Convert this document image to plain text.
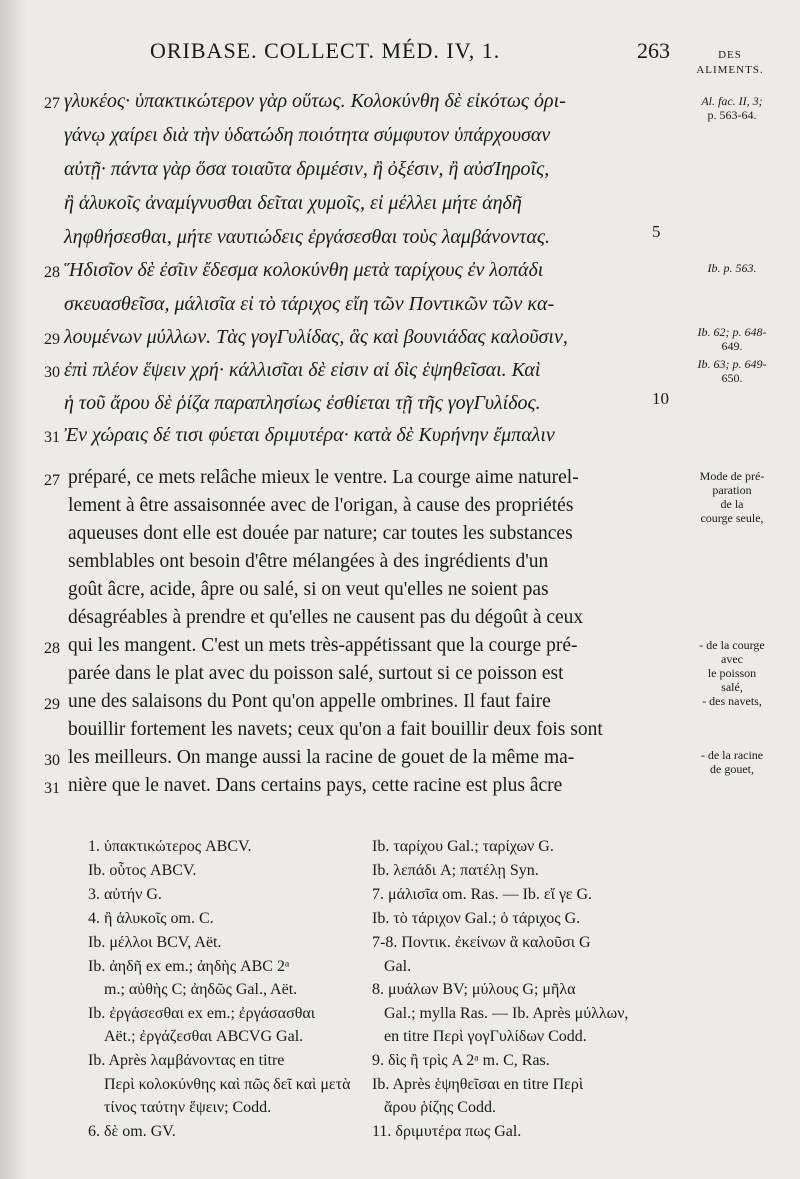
ORIBASE. COLLECT. MÉD. IV, 1.	263	DES
ALIMENTS.
27 γλυκέος· ὑπακτικώτερον γὰρ οὕτως. Κολοκύνθη δὲ εἰκότως ὀρι-
γάνῳ χαίρει διὰ τὴν ὑδατώδη ποιότητα σύμφυτον ὑπάρχουσαν
αὐτῇ· πάντα γὰρ ὅσα τοιαῦτα δριμέσιν, ἢ ὀξέσιν, ἢ αὐσΊηροῖς,
ἢ ἁλυκοῖς ἀναμίγνυσθαι δεῖται χυμοῖς, εἰ μέλλει μήτε ἀηδῆ
ληφθήσεσθαι, μήτε ναυτιώδεις ἐργάσεσθαι τοὺς λαμβάνοντας.	5
28 Ἥδισῖον δὲ ἐσῖιν ἔδεσμα κολοκύνθη μετὰ ταρίχους ἐν λοπάδι
σκευασθεῖσα, μάλισῖα εἰ τὸ τάριχος εἴη τῶν Ποντικῶν τῶν κα-
29 λουμένων μύλλων. Τὰς γογΓυλίδας, ἃς καὶ βουνιάδας καλοῦσιν,
30 ἐπὶ πλέον ἕψειν χρή· κάλλισῖαι δὲ εἰσιν αἱ δὶς ἑψηθεῖσαι. Καὶ
ἡ τοῦ ἄρου δὲ ῥίζα παραπλησίως ἐσθίεται τῇ τῆς γογΓυλίδος.	10
31 Ἐν χώραις δέ τισι φύεται δριμυτέρα· κατὰ δὲ Κυρήνην ἔμπαλιν
Al. fac. II, 3;
p. 563-64.
Ib. p. 563.
Ib. 62; p. 648-
649.
Ib. 63; p. 649-
650.
27 préparé, ce mets relâche mieux le ventre. La courge aime naturel-
lement à être assaisonnée avec de l'origan, à cause des propriétés
aqueuses dont elle est douée par nature; car toutes les substances
semblables ont besoin d'être mélangées à des ingrédients d'un
goût âcre, acide, âpre ou salé, si on veut qu'elles ne soient pas
désagréables à prendre et qu'elles ne causent pas du dégoût à ceux
28 qui les mangent. C'est un mets très-appétissant que la courge pré-
parée dans le plat avec du poisson salé, surtout si ce poisson est
29 une des salaisons du Pont qu'on appelle ombrines. Il faut faire
bouillir fortement les navets; ceux qu'on a fait bouillir deux fois sont
30 les meilleurs. On mange aussi la racine de gouet de la même ma-
31 nière que le navet. Dans certains pays, cette racine est plus âcre
Mode de pré-
paration
de la
courge seule,
- de la courge
avec
le poisson
salé,
- des navets,
- de la racine
de gouet,
1. ὑπακτικώτερος ABCV.
Ib. οὗτος ABCV.
3. αὐτήν G.
4. ἢ ἁλυκοῖς om. C.
Ib. μέλλοι BCV, Aët.
Ib. ἀηδῆ ex em.; ἀηδὴς ABC 2ᵃ
m.; αὐθὴς C; ἀηδῶς Gal., Aët.
Ib. ἐργάσεσθαι ex em.; ἐργάσασθαι
Aët.; ἐργάζεσθαι ABCVG Gal.
Ib. Après λαμβάνοντας en titre
Περὶ κολοκύνθης καὶ πῶς δεῖ καὶ μετὰ
τίνος ταύτην ἕψειν; Codd.
6. δὲ om. GV.
Ib. ταρίχου Gal.; ταρίχων G.
Ib. λεπάδι A; πατέλῃ Syn.
7. μάλισῖα om. Ras. — Ib. εἴ γε G.
Ib. τὸ τάριχον Gal.; ὁ τάριχος G.
7-8. Ποντικ. ἐκείνων ἃ καλοῦσι G
Gal.
8. μυάλων BV; μύλους G; μῆλα
Gal.; mylla Ras. — Ib. Après μύλλων,
en titre Περὶ γογΓυλίδων Codd.
9. δὶς ἢ τρὶς A 2ᵃ m. C, Ras.
Ib. Après ἑψηθεῖσαι en titre Περὶ
ἄρου ῥίζης Codd.
11. δριμυτέρα πως Gal.
